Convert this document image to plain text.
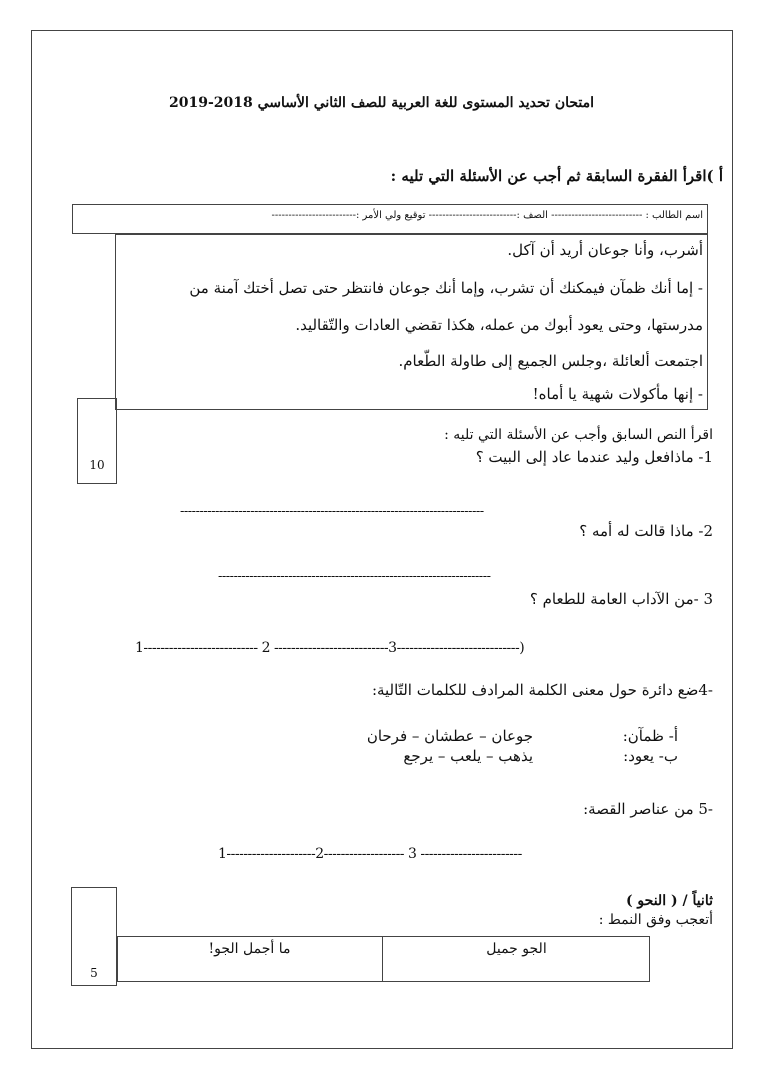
امتحان تحديد المستوى للغة العربية للصف الثاني الأساسي 2018-2019
أ )اقرأ الفقرة السابقة ثم أجب عن الأسئلة التي تليه :
اسم الطالب : --------------------------- الصف :-------------------------- توقيع ولي الأمر :-------------------------
أشرب، وأنا جوعان أريد أن آكل.
- إما أنك ظمآن فيمكنك أن تشرب، وإما أنك جوعان فانتظر حتى تصل أختك آمنة من
مدرستها، وحتى يعود أبوك من عمله، هكذا تقضي العادات والتّقاليد.
اجتمعت ألعائلة ،وجلس الجميع إلى طاولة الطّعام.
- إنها مأكولات شهية يا أماه!
10
اقرأ النص السابق وأجب عن الأسئلة التي تليه :
1- ماذافعل وليد عندما عاد إلى البيت ؟
------------------------------------------------------------------------------
2- ماذا قالت له أمه ؟
----------------------------------------------------------------------
3 -من الآداب العامة للطعام ؟
1--------------------------- 2 ---------------------------3-----------------------------)
-4ضع دائرة حول معنى الكلمة المرادف للكلمات التّالية:
أ- ظمآن:
جوعان – عطشان – فرحان
ب- يعود:
يذهب – يلعب – يرجع
-5 من عناصر القصة:
1---------------------2------------------- 3 ------------------------
5
ثانياً / ( النحو )
أتعجب وفق النمط :
الجو جميل
ما أجمل الجو!
